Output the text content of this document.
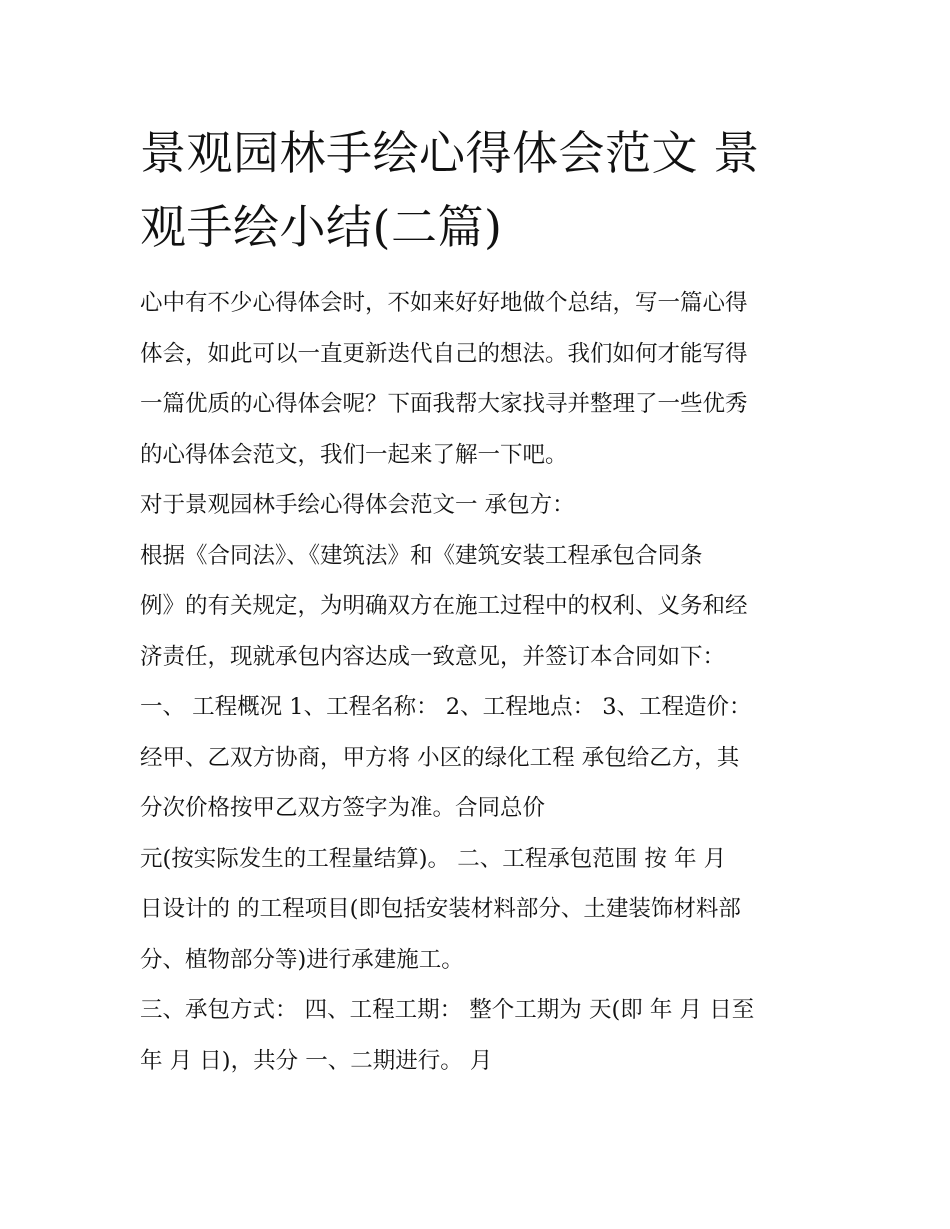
景观园林手绘心得体会范文 景
观手绘小结(二篇)
心中有不少心得体会时，不如来好好地做个总结，写一篇心得
体会，如此可以一直更新迭代自己的想法。我们如何才能写得
一篇优质的心得体会呢？下面我帮大家找寻并整理了一些优秀
的心得体会范文，我们一起来了解一下吧。
对于景观园林手绘心得体会范文一 承包方：
根据《合同法》、《建筑法》和《建筑安装工程承包合同条
例》的有关规定，为明确双方在施工过程中的权利、义务和经
济责任，现就承包内容达成一致意见，并签订本合同如下：
一、 工程概况 1、工程名称： 2、工程地点： 3、工程造价：
经甲、乙双方协商，甲方将 小区的绿化工程 承包给乙方，其
分次价格按甲乙双方签字为准。合同总价
元(按实际发生的工程量结算)。 二、工程承包范围 按 年 月
日设计的 的工程项目(即包括安装材料部分、土建装饰材料部
分、植物部分等)进行承建施工。
三、承包方式： 四、工程工期： 整个工期为 天(即 年 月 日至
年 月 日)，共分 一、二期进行。 月
